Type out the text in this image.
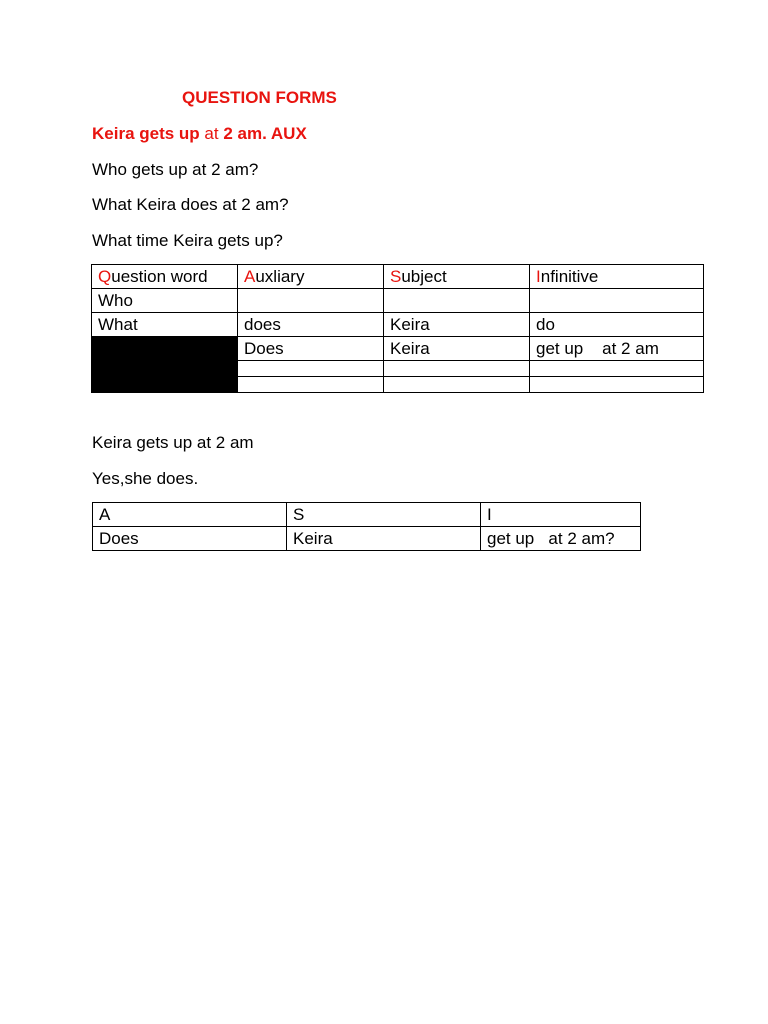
QUESTION FORMS

Keira gets up at 2 am. AUX

Who gets up at 2 am?

What Keira does at 2 am?

What time Keira gets up?

Question word	Auxliary	Subject	Infinitive
Who			
What	does	Keira	do
	Does	Keira	get up    at 2 am

Keira gets up at 2 am

Yes,she does.

A	S	I
Does	Keira	get up   at 2 am?
